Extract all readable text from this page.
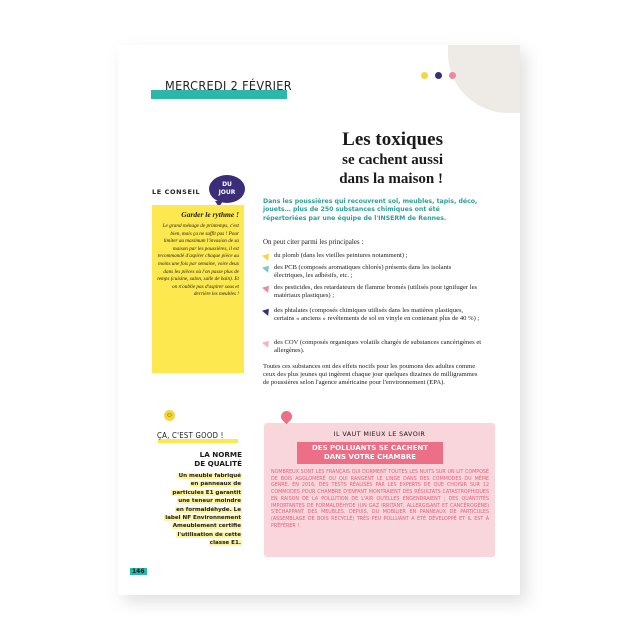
MERCREDI 2 FÉVRIER
Les toxiques
se cachent aussi
dans la maison !
LE CONSEIL
DU
JOUR
Garder le rythme !
Le grand ménage de printemps, c'est bien, mais ça ne suffit pas ! Pour limiter au maximum l'invasion de sa maison par les poussières, il est recommandé d'aspirer chaque pièce au moins une fois par semaine, voire deux dans les pièces où l'on passe plus de temps (cuisine, salon, salle de bain). Et on n'oublie pas d'aspirer sous et derrière les meubles !
Dans les poussières qui recouvrent sol, meubles, tapis, déco, jouets… plus de 250 substances chimiques ont été répertoriées par une équipe de l'INSERM de Rennes.
On peut citer parmi les principales :
du plomb (dans les vieilles peintures notamment) ;
des PCB (composés aromatiques chlorés) présents dans les isolants électriques, les adhésifs, etc. ;
des pesticides, des retardateurs de flamme bromés (utilisés pour ignifuger les matériaux plastiques) ;
des phtalates (composés chimiques utilisés dans les matières plastiques, certains « anciens » revêtements de sol en vinyle en contenant plus de 40 %) ;
des COV (composés organiques volatils chargés de substances cancérigènes et allergènes).
Toutes ces substances ont des effets nocifs pour les poumons des adultes comme ceux des plus jeunes qui ingèrent chaque jour quelques dizaines de milligrammes de poussières selon l'agence américaine pour l'environnement (EPA).
☺
ÇA, C'EST GOOD !
LA NORME
DE QUALITÉ
Un meuble fabriqué
en panneaux de
particules E1 garantit
une teneur moindre
en formaldéhyde. Le
label NF Environnement
Ameublement certifie
l'utilisation de cette
classe E1.
IL VAUT MIEUX LE SAVOIR
DES POLLUANTS SE CACHENT
DANS VOTRE CHAMBRE
NOMBREUX SONT LES FRANÇAIS QUI DORMENT TOUTES LES NUITS SUR UN LIT COMPOSÉ DE BOIS AGGLOMÉRÉ OU QUI RANGENT LE LINGE DANS DES COMMODES DU MÊME GENRE. EN 2016, DES TESTS RÉALISÉS PAR LES EXPERTS DE QUE CHOISIR SUR 12 COMMODES POUR CHAMBRE D'ENFANT MONTRAIENT DES RÉSULTATS CATASTROPHIQUES EN RAISON DE LA POLLUTION DE L'AIR QU'ELLES ENGENDRAIENT ; DES QUANTITÉS IMPORTANTES DE FORMALDÉHYDE (UN GAZ IRRITANT, ALLERGISANT ET CANCÉROGÈNE) S'ÉCHAPPANT DES MEUBLES. DEPUIS, DU MOBILIER EN PANNEAUX DE PARTICULES (ASSEMBLAGE DE BOIS RECYCLÉ) TRÈS PEU POLLUANT A ÉTÉ DÉVELOPPÉ ET IL EST À PRÉFÉRER !
146
